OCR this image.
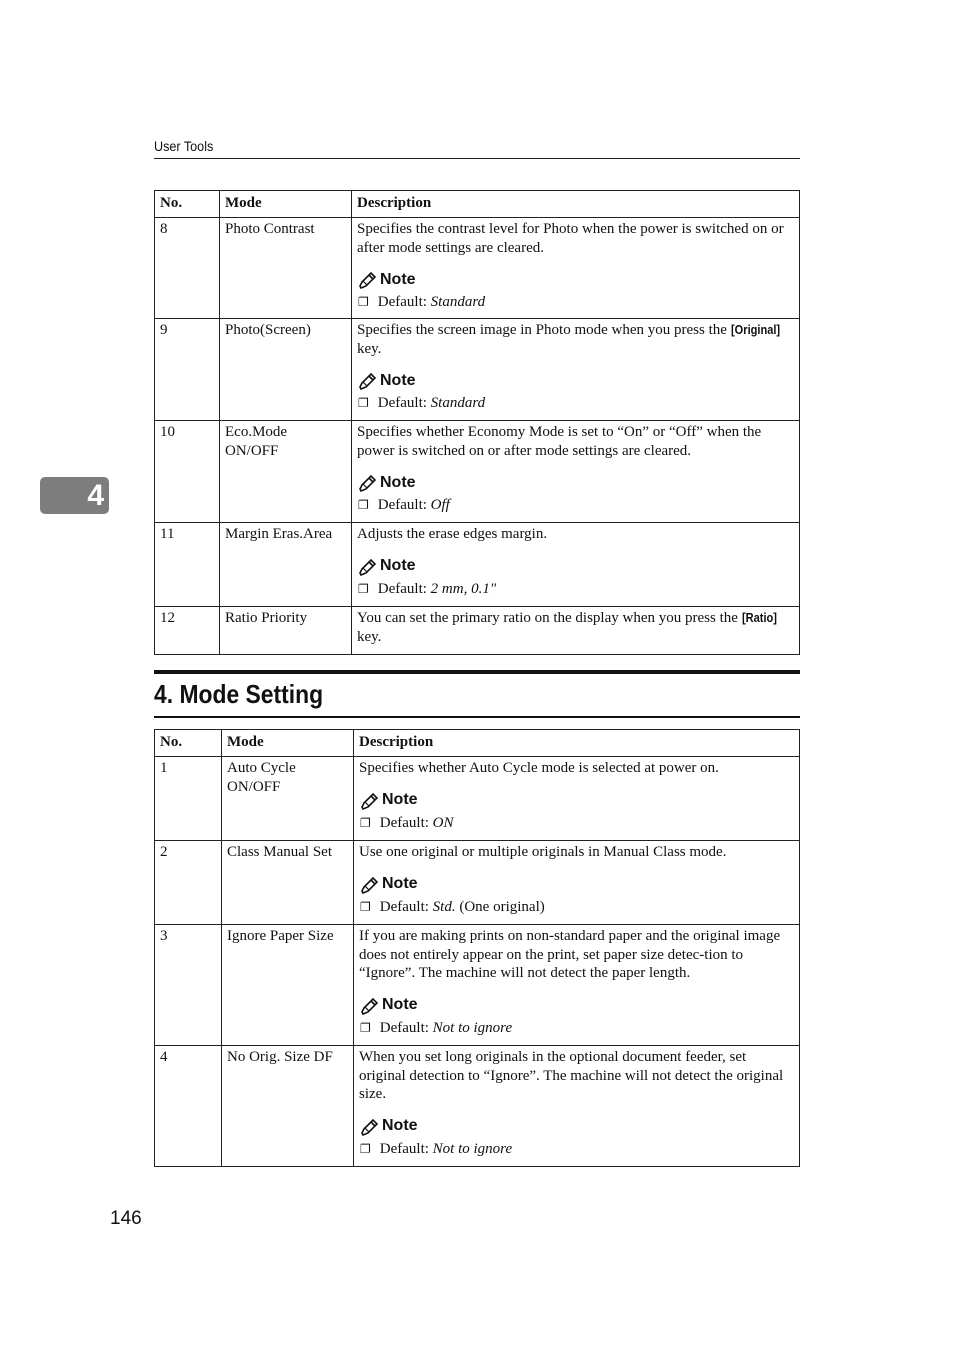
User Tools
4
No.	Mode	Description
8	Photo Contrast	Specifies the contrast level for Photo when the power is switched on or after mode settings are cleared.
Note
❐ Default: Standard

9	Photo(Screen)	Specifies the screen image in Photo mode when you press the [Original] key.
Note
❐ Default: Standard

10	Eco.Mode ON/OFF	Specifies whether Economy Mode is set to “On” or “Off” when the power is switched on or after mode settings are cleared.
Note
❐ Default: Off

11	Margin Eras.Area	Adjusts the erase edges margin.
Note
❐ Default: 2 mm, 0.1"

12	Ratio Priority	You can set the primary ratio on the display when you press the [Ratio] key.
4. Mode Setting
No.	Mode	Description
1	Auto Cycle ON/OFF	Specifies whether Auto Cycle mode is selected at power on.
Note
❐ Default: ON

2	Class Manual Set	Use one original or multiple originals in Manual Class mode.
Note
❐ Default: Std. (One original)

3	Ignore Paper Size	If you are making prints on non-standard paper and the original image does not entirely appear on the print, set paper size detec-tion to “Ignore”. The machine will not detect the paper length.
Note
❐ Default: Not to ignore

4	No Orig. Size DF	When you set long originals in the optional document feeder, set original detection to “Ignore”. The machine will not detect the original size.
Note
❐ Default: Not to ignore
146
